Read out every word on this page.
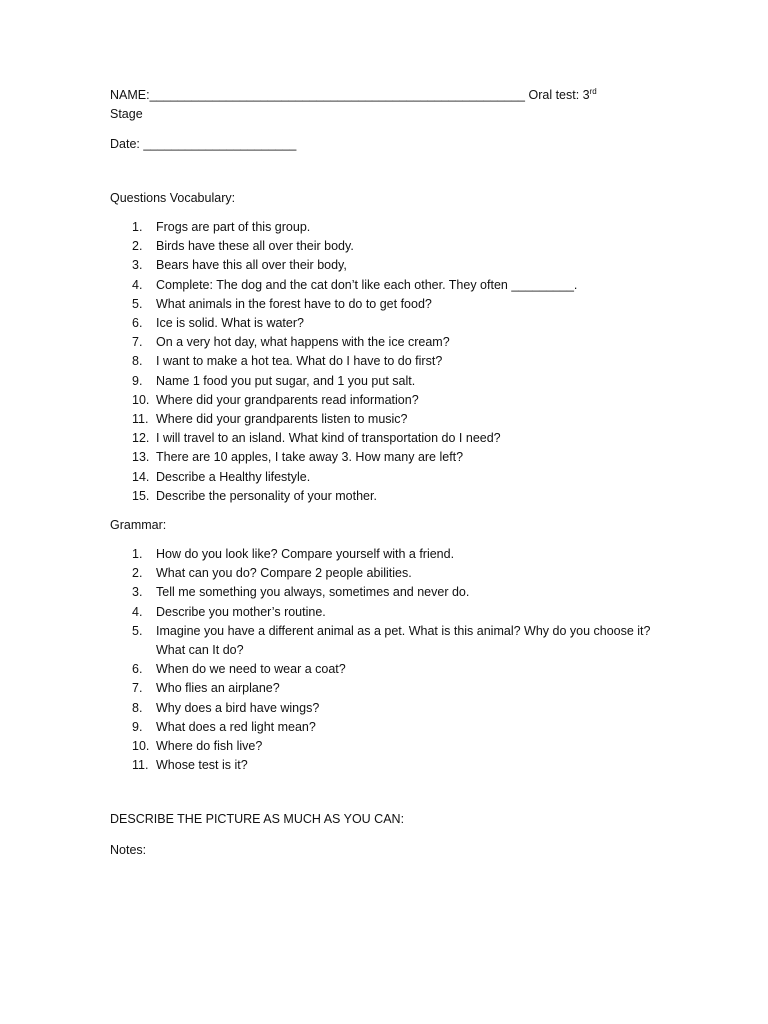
NAME:______________________________________________________ Oral test: 3rd
Stage
Date: ______________________
Questions Vocabulary:
1. Frogs are part of this group.
2. Birds have these all over their body.
3. Bears have this all over their body,
4. Complete: The dog and the cat don’t like each other. They often _________.
5. What animals in the forest have to do to get food?
6. Ice is solid. What is water?
7. On a very hot day, what happens with the ice cream?
8. I want to make a hot tea. What do I have to do first?
9. Name 1 food you put sugar, and 1 you put salt.
10. Where did your grandparents read information?
11. Where did your grandparents listen to music?
12. I will travel to an island. What kind of transportation do I need?
13. There are 10 apples, I take away 3. How many are left?
14. Describe a Healthy lifestyle.
15. Describe the personality of your mother.
Grammar:
1. How do you look like? Compare yourself with a friend.
2. What can you do? Compare 2 people abilities.
3. Tell me something you always, sometimes and never do.
4. Describe you mother’s routine.
5. Imagine you have a different animal as a pet. What is this animal? Why do you choose it? What can It do?
6. When do we need to wear a coat?
7. Who flies an airplane?
8. Why does a bird have wings?
9. What does a red light mean?
10. Where do fish live?
11. Whose test is it?
DESCRIBE THE PICTURE AS MUCH AS YOU CAN:
Notes:
